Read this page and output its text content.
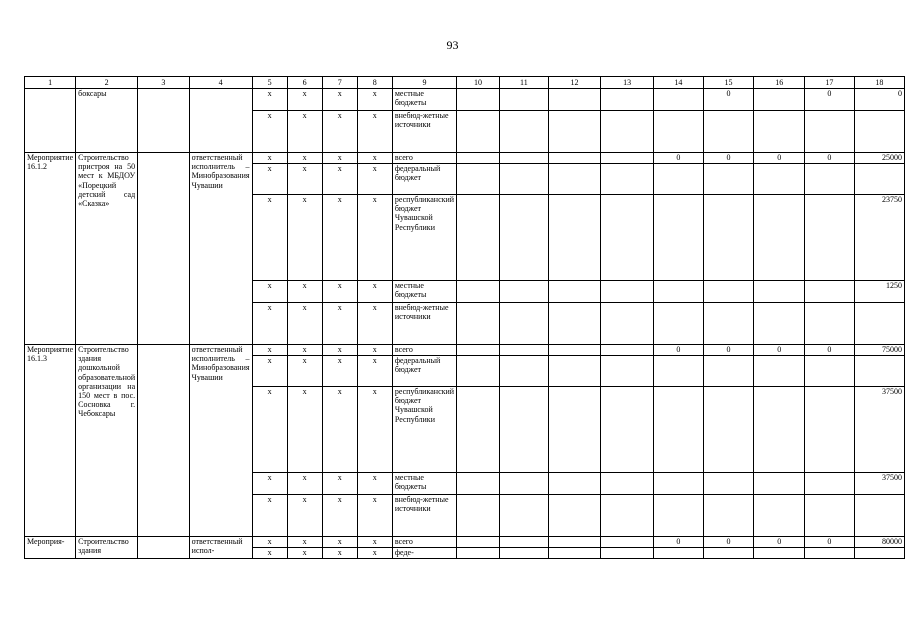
93
1	2	3	4	5	6	7	8	9	10	11	12	13	14	15	16	17	18
	боксары			х	х	х	х	местные бюджеты						0		0	0
				х	х	х	х	внебюд-жетные источники									
Мероприятие 16.1.2	Строительство пристроя на 50 мест к МБДОУ «Порецкий детский сад «Сказка»		ответственный исполнитель – Минобразования Чувашии	х	х	х	х	всего					0	0	0	0	25000
				х	х	х	х	федеральный бюджет									
				х	х	х	х	республиканский бюджет Чувашской Республики									23750
				х	х	х	х	местные бюджеты									1250
				х	х	х	х	внебюд-жетные источники									
Мероприятие 16.1.3	Строительство здания дошкольной образовательной организации на 150 мест в пос. Сосновка г. Чебоксары		ответственный исполнитель – Минобразования Чувашии	х	х	х	х	всего					0	0	0	0	75000
				х	х	х	х	федеральный бюджет									
				х	х	х	х	республиканский бюджет Чувашской Республики									37500
				х	х	х	х	местные бюджеты									37500
				х	х	х	х	внебюд-жетные источники									
Мероприя-	Строительство здания		ответственный испол-	х	х	х	х	всего					0	0	0	0	80000
				х	х	х	х	феде-									
